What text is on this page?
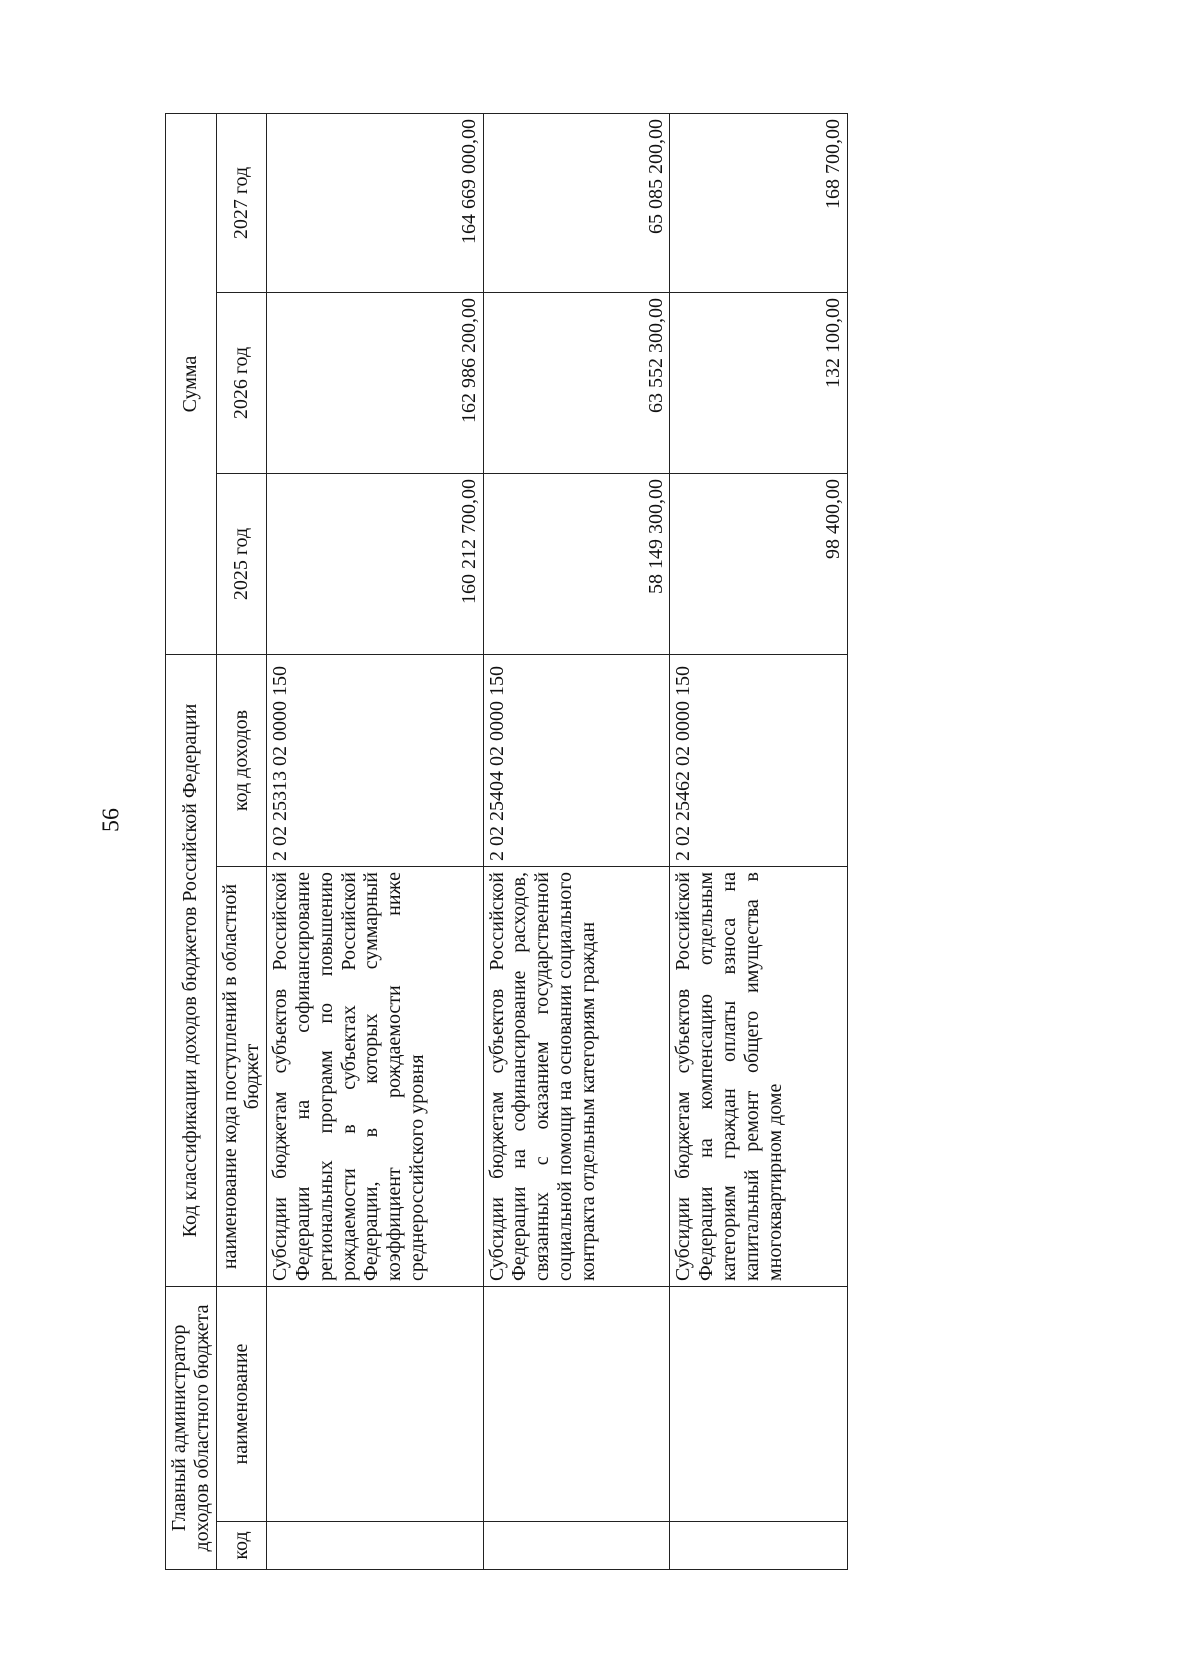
56
Главный администратор доходов областного бюджета		Код классификации доходов бюджетов Российской Федерации		Сумма		
код	наименование	наименование кода поступлений в областной бюджет	код доходов	2025 год	2026 год	2027 год
		Субсидии бюджетам субъектов Российской Федерации на софинансирование региональных программ по повышению рождаемости в субъектах Российской Федерации, в которых суммарный коэффициент рождаемости ниже среднероссийского уровня	2 02 25313 02 0000 150	160 212 700,00	162 986 200,00	164 669 000,00
		Субсидии бюджетам субъектов Российской Федерации на софинансирование расходов, связанных с оказанием государственной социальной помощи на основании социального контракта отдельным категориям граждан	2 02 25404 02 0000 150	58 149 300,00	63 552 300,00	65 085 200,00
		Субсидии бюджетам субъектов Российской Федерации на компенсацию отдельным категориям граждан оплаты взноса на капитальный ремонт общего имущества в многоквартирном доме	2 02 25462 02 0000 150	98 400,00	132 100,00	168 700,00
